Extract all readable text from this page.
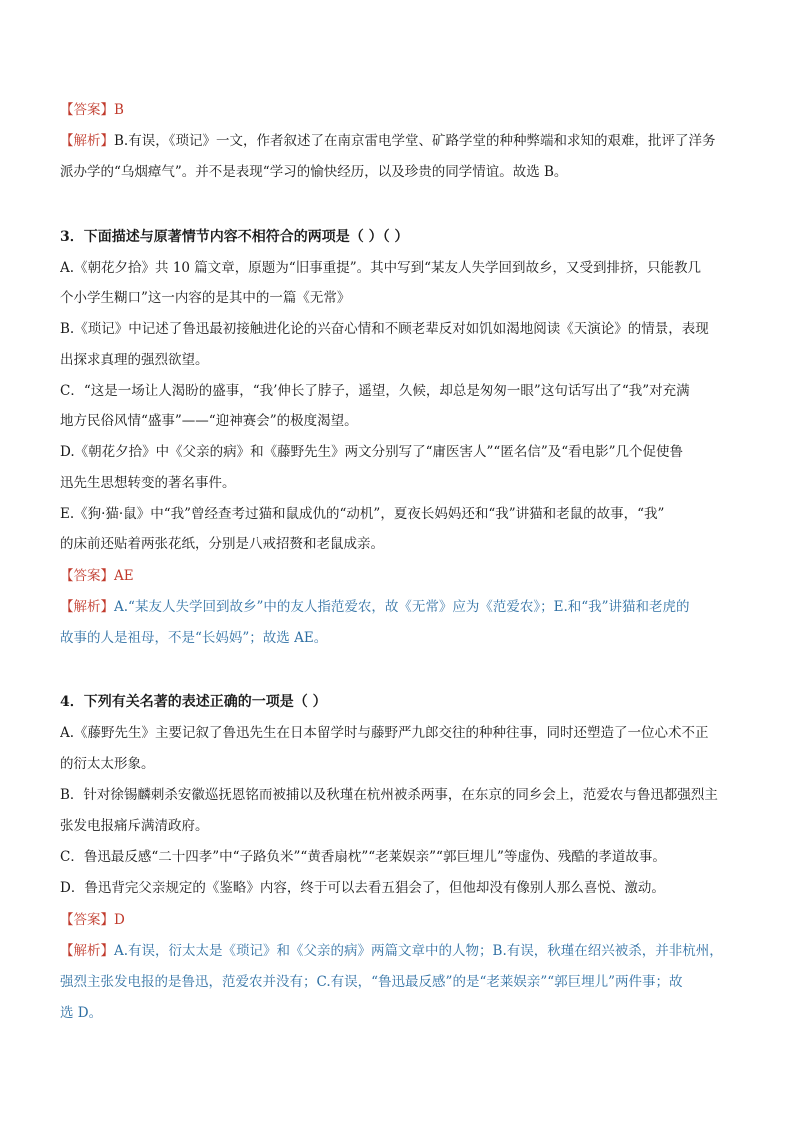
【答案】B
【解析】B.有误，《琐记》一文，作者叙述了在南京雷电学堂、矿路学堂的种种弊端和求知的艰难，批评了洋务
派办学的“乌烟瘴气”。并不是表现“学习的愉快经历，以及珍贵的同学情谊。故选 B。
3．下面描述与原著情节内容不相符合的两项是（ ）（ ）
A.《朝花夕拾》共 10 篇文章，原题为“旧事重提”。其中写到“某友人失学回到故乡，又受到排挤，只能教几
个小学生糊口”这一内容的是其中的一篇《无常》
B.《琐记》中记述了鲁迅最初接触进化论的兴奋心情和不顾老辈反对如饥如渴地阅读《天演论》的情景，表现
出探求真理的强烈欲望。
C．“这是一场让人渴盼的盛事，“我’伸长了脖子，遥望，久候，却总是匆匆一眼”这句话写出了“我”对充满
地方民俗风情“盛事”——“迎神赛会”的极度渴望。
D.《朝花夕拾》中《父亲的病》和《藤野先生》两文分别写了“庸医害人”“匿名信”及“看电影”几个促使鲁
迅先生思想转变的著名事件。
E.《狗·猫·鼠》中“我”曾经查考过猫和鼠成仇的“动机”，夏夜长妈妈还和“我”讲猫和老鼠的故事，“我”
的床前还贴着两张花纸，分别是八戒招赘和老鼠成亲。
【答案】AE
【解析】A.“某友人失学回到故乡”中的友人指范爱农，故《无常》应为《范爱农》；E.和“我”讲猫和老虎的
故事的人是祖母，不是“长妈妈”；故选 AE。
4．下列有关名著的表述正确的一项是（ ）
A.《藤野先生》主要记叙了鲁迅先生在日本留学时与藤野严九郎交往的种种往事，同时还塑造了一位心术不正
的衍太太形象。
B．针对徐锡麟刺杀安徽巡抚恩铭而被捕以及秋瑾在杭州被杀两事，在东京的同乡会上，范爱农与鲁迅都强烈主
张发电报痛斥满清政府。
C．鲁迅最反感“二十四孝”中“子路负米”“黄香扇枕”“老莱娱亲”“郭巨埋儿”等虚伪、残酷的孝道故事。
D．鲁迅背完父亲规定的《鉴略》内容，终于可以去看五猖会了，但他却没有像别人那么喜悦、激动。
【答案】D
【解析】A.有误，衍太太是《琐记》和《父亲的病》两篇文章中的人物；B.有误，秋瑾在绍兴被杀，并非杭州，
强烈主张发电报的是鲁迅，范爱农并没有；C.有误，“鲁迅最反感”的是“老莱娱亲”“郭巨埋儿”两件事；故
选 D。
